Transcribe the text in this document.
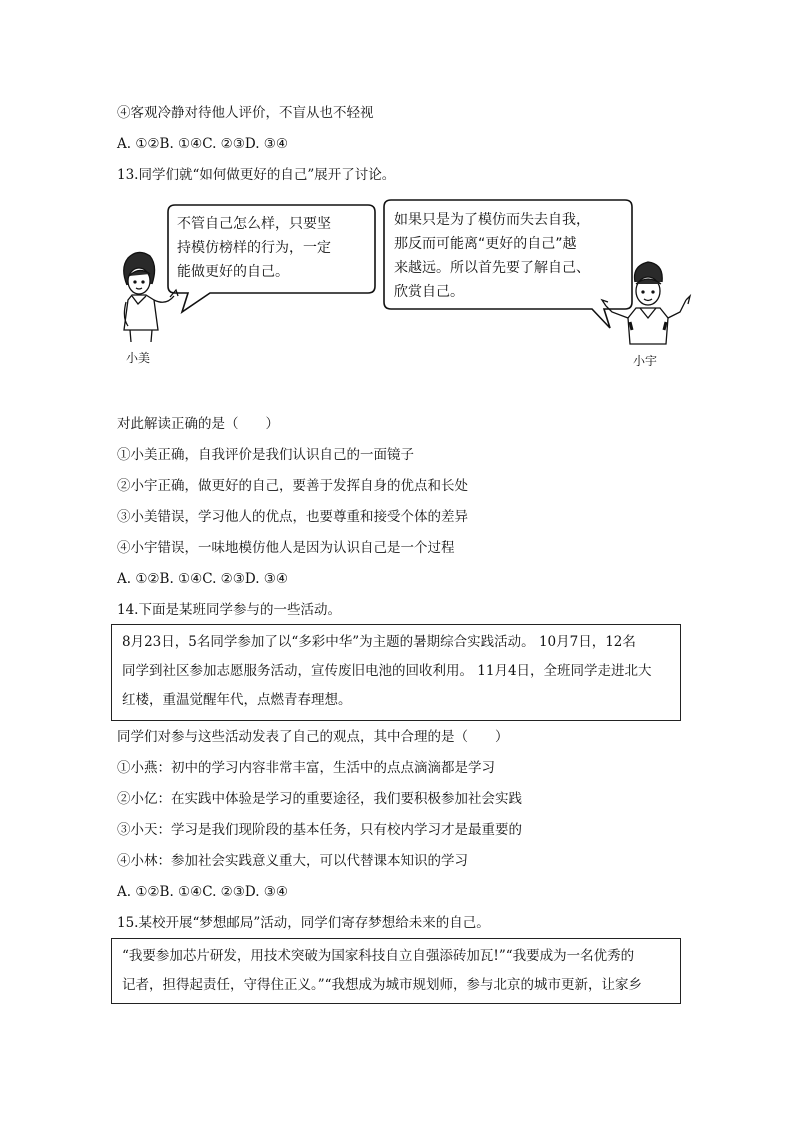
④客观冷静对待他人评价，不盲从也不轻视
A. ①②B. ①④C. ②③D. ③④
13.同学们就“如何做更好的自己”展开了讨论。
不管自己怎么样，只要坚
持模仿榜样的行为，一定
能做更好的自己。
如果只是为了模仿而失去自我，
那反而可能离“更好的自己”越
来越远。所以首先要了解自己、
欣赏自己。
小美	小宇
对此解读正确的是（　　）
①小美正确，自我评价是我们认识自己的一面镜子
②小宇正确，做更好的自己，要善于发挥自身的优点和长处
③小美错误，学习他人的优点，也要尊重和接受个体的差异
④小宇错误，一味地模仿他人是因为认识自己是一个过程
A. ①②B. ①④C. ②③D. ③④
14.下面是某班同学参与的一些活动。
8月23日，5名同学参加了以“多彩中华”为主题的暑期综合实践活动。 10月7日，12名
同学到社区参加志愿服务活动，宣传废旧电池的回收利用。 11月4日，全班同学走进北大
红楼，重温觉醒年代，点燃青春理想。
同学们对参与这些活动发表了自己的观点，其中合理的是（　　）
①小燕：初中的学习内容非常丰富，生活中的点点滴滴都是学习
②小亿：在实践中体验是学习的重要途径，我们要积极参加社会实践
③小天：学习是我们现阶段的基本任务，只有校内学习才是最重要的
④小林：参加社会实践意义重大，可以代替课本知识的学习
A. ①②B. ①④C. ②③D. ③④
15.某校开展“梦想邮局”活动，同学们寄存梦想给未来的自己。
“我要参加芯片研发，用技术突破为国家科技自立自强添砖加瓦!”“我要成为一名优秀的
记者，担得起责任，守得住正义。”“我想成为城市规划师，参与北京的城市更新，让家乡
